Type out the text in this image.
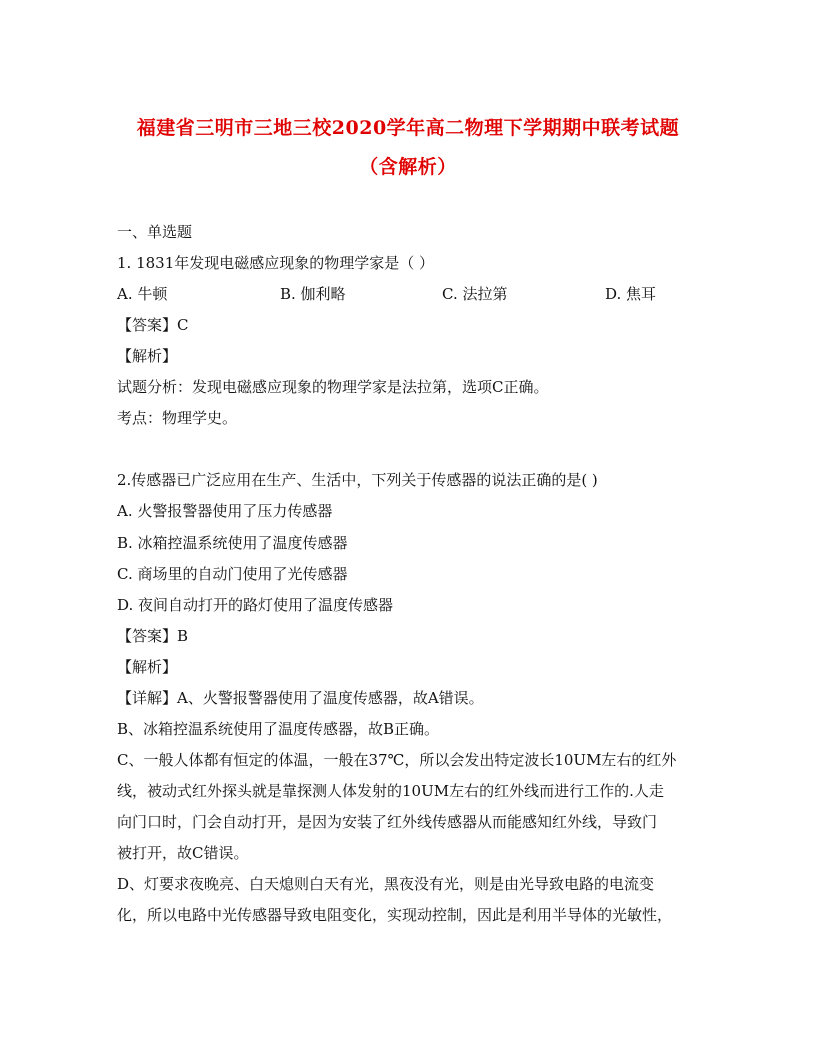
福建省三明市三地三校2020学年高二物理下学期期中联考试题
（含解析）
一、单选题
1. 1831年发现电磁感应现象的物理学家是（ ）
A. 牛顿	B. 伽利略	C. 法拉第	D. 焦耳
【答案】C
【解析】
试题分析：发现电磁感应现象的物理学家是法拉第，选项C正确。
考点：物理学史。
2.传感器已广泛应用在生产、生活中，下列关于传感器的说法正确的是( )
A. 火警报警器使用了压力传感器
B. 冰箱控温系统使用了温度传感器
C. 商场里的自动门使用了光传感器
D. 夜间自动打开的路灯使用了温度传感器
【答案】B
【解析】
【详解】A、火警报警器使用了温度传感器，故A错误。
B、冰箱控温系统使用了温度传感器，故B正确。
C、一般人体都有恒定的体温，一般在37℃，所以会发出特定波长10UM左右的红外
线，被动式红外探头就是靠探测人体发射的10UM左右的红外线而进行工作的.人走
向门口时，门会自动打开，是因为安装了红外线传感器从而能感知红外线，导致门
被打开，故C错误。
D、灯要求夜晚亮、白天熄则白天有光，黑夜没有光，则是由光导致电路的电流变
化，所以电路中光传感器导致电阻变化，实现动控制，因此是利用半导体的光敏性，
